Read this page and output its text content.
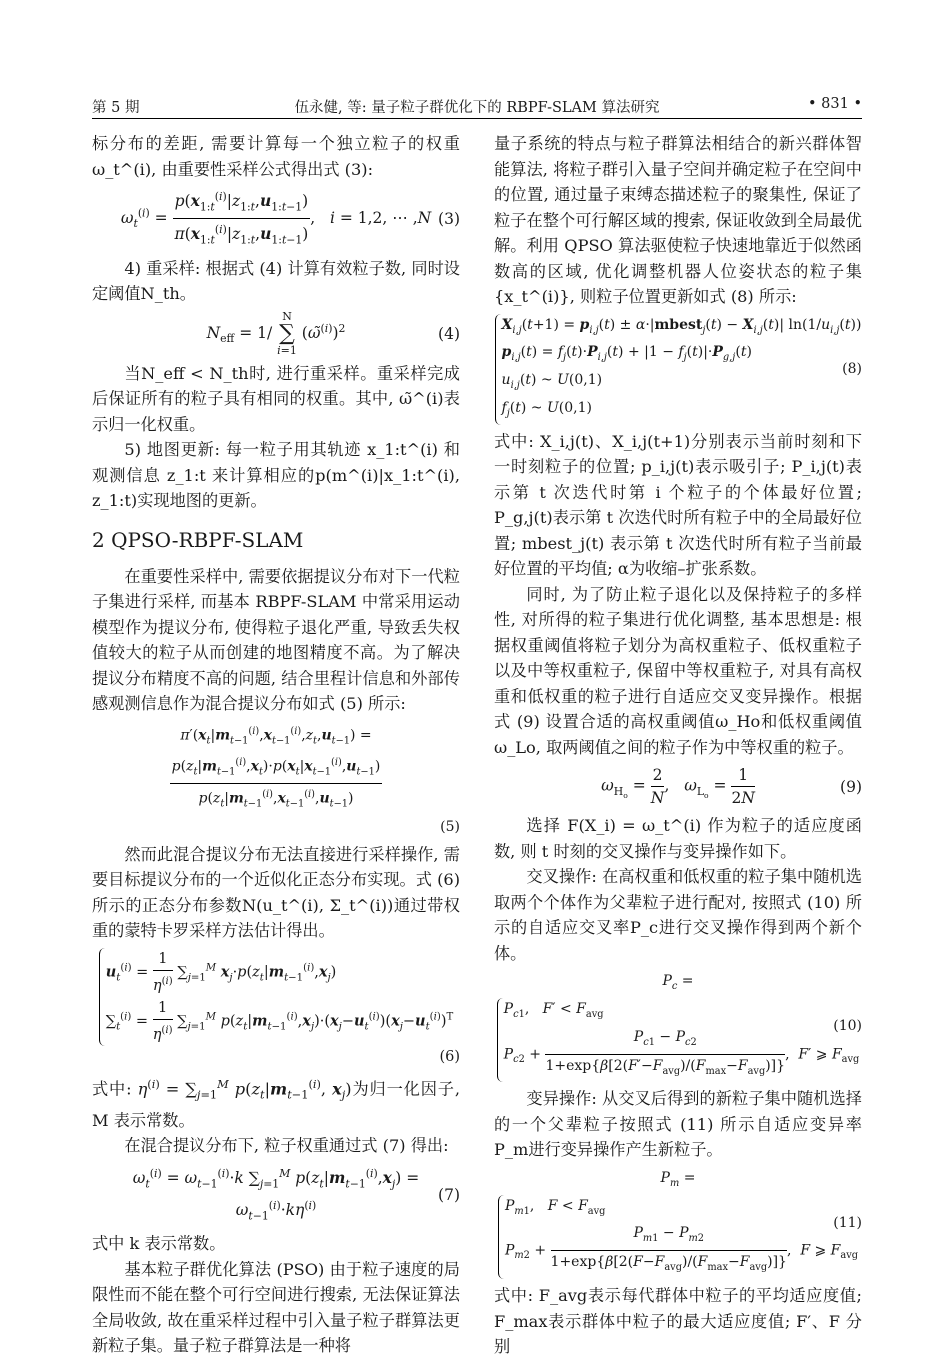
第 5 期	伍永健, 等: 量子粒子群优化下的 RBPF-SLAM 算法研究	• 831 •

标分布的差距, 需要计算每一个独立粒子的权重 ω_t^(i), 由重要性采样公式得出式 (3):

$\omega_t^{(i)} = \frac{p(x_{1:t}^{(i)}|z_{1:t},u_{1:t-1})}{\pi(x_{1:t}^{(i)}|z_{1:t},u_{1:t-1})}$ ,   i = 1,2, ⋯ ,N (3)

4) 重采样: 根据式 (4) 计算有效粒子数, 同时设定阈值N_th。

$N_{eff} = 1/$
N
∑
i=1
(ω̃$^{(i)}$)$^2$	(4)

当N_eff < N_th时, 进行重采样。重采样完成后保证所有的粒子具有相同的权重。其中, ω̃^(i)表示归一化权重。

5) 地图更新: 每一粒子用其轨迹 x_1:t^(i) 和观测信息 z_1:t 来计算相应的p(m^(i)|x_1:t^(i), z_1:t)实现地图的更新。

2 QPSO-RBPF-SLAM

在重要性采样中, 需要依据提议分布对下一代粒子集进行采样, 而基本 RBPF-SLAM 中常采用运动模型作为提议分布, 使得粒子退化严重, 导致丢失权值较大的粒子从而创建的地图精度不高。为了解决提议分布精度不高的问题, 结合里程计信息和外部传感观测信息作为混合提议分布如式 (5) 所示:

$\pi'(x_t|m_{t-1}^{(i)},x_{t-1}^{(i)},z_t,u_{t-1})$ =
$\frac{p(z_t|m_{t-1}^{(i)},x_t)\cdot p(x_t|x_{t-1}^{(i)},u_{t-1})}{p(z_t|m_{t-1}^{(i)},x_{t-1}^{(i)},u_{t-1})}$
(5)

然而此混合提议分布无法直接进行采样操作, 需要目标提议分布的一个近似化正态分布实现。式 (6) 所示的正态分布参数N(u_t^(i), Σ_t^(i))通过带权重的蒙特卡罗采样方法估计得出。

$u_t^{(i)} = \frac{1}{\eta^{(i)}} \sum_{j=1}^M$ $x_j\cdot p(z_t|m_{t-1}^{(i)},x_j)$
$\sum_t^{(i)} = \frac{1}{\eta^{(i)}} \sum_{j=1}^M$ $p(z_t|m_{t-1}^{(i)},x_j)\cdot(x_j-u_t^{(i)})(x_j-u_t^{(i)})^T$
(6)

式中: $\eta^{(i)} = \sum_{j=1}^M$ $p(z_t|m_{t-1}^{(i)}$, $x_j$)为归一化因子, M 表示常数。

在混合提议分布下, 粒子权重通过式 (7) 得出:

$\omega_t^{(i)} = \omega_{t-1}^{(i)}\cdot k$ $\sum_{j=1}^M$ $p(z_t|m_{t-1}^{(i)},x_j) = \omega_{t-1}^{(i)}\cdot k\eta^{(i)}$
(7)

式中 k 表示常数。

基本粒子群优化算法 (PSO) 由于粒子速度的局限性而不能在整个可行空间进行搜索, 无法保证算法全局收敛, 故在重采样过程中引入量子粒子群算法更新粒子集。量子粒子群算法是一种将

量子系统的特点与粒子群算法相结合的新兴群体智能算法, 将粒子群引入量子空间并确定粒子在空间中的位置, 通过量子束缚态描述粒子的聚集性, 保证了粒子在整个可行解区域的搜索, 保证收敛到全局最优解。利用 QPSO 算法驱使粒子快速地靠近于似然函数高的区域, 优化调整机器人位姿状态的粒子集{x_t^(i)}, 则粒子位置更新如式 (8) 所示:

$X_{i,j}(t+1) = p_{i,j}(t)$ ± α·|mbest$_j$(t) − $X_{i,j}(t)|$ $\ln(1/u_{i,j}(t))$
$p_{i,j}(t) = f_j(t)\cdot P_{i,j}(t) + |1 - f_j(t)|\cdot P_{g,j}(t)$
$u_{i,j}(t)$ ~ U(0,1)
$f_j(t)$ ~ U(0,1)
(8)

式中: X_i,j(t)、X_i,j(t+1)分别表示当前时刻和下一时刻粒子的位置; p_i,j(t)表示吸引子; P_i,j(t)表示第 t 次迭代时第 i 个粒子的个体最好位置; P_g,j(t)表示第 t 次迭代时所有粒子中的全局最好位置; mbest_j(t) 表示第 t 次迭代时所有粒子当前最好位置的平均值; α为收缩–扩张系数。

同时, 为了防止粒子退化以及保持粒子的多样性, 对所得的粒子集进行优化调整, 基本思想是: 根据权重阈值将粒子划分为高权重粒子、低权重粒子以及中等权重粒子, 保留中等权重粒子, 对具有高权重和低权重的粒子进行自适应交叉变异操作。根据式 (9) 设置合适的高权重阈值ω_Ho和低权重阈值ω_Lo, 取两阈值之间的粒子作为中等权重的粒子。

$\omega_{H_o} = \frac{2}{N}$ ,   $\omega_{L_o} = \frac{1}{2N}$	(9)

选择 F(X_i) = ω_t^(i) 作为粒子的适应度函数, 则 t 时刻的交叉操作与变异操作如下。

交叉操作: 在高权重和低权重的粒子集中随机选取两个个体作为父辈粒子进行配对, 按照式 (10) 所示的自适应交叉率P_c进行交叉操作得到两个新个体。

$P_c$ =
$P_{c1}$,   $F' < F_{avg}$
$P_{c2} + \frac{P_{c1} - P_{c2}}{1+\exp\{\beta[2(F'-F_{avg})/(F_{max}-F_{avg})]\}}$ ,  F′ ⩾ $F_{avg}$
(10)

变异操作: 从交叉后得到的新粒子集中随机选择的一个父辈粒子按照式 (11) 所示自适应变异率P_m进行变异操作产生新粒子。

$P_m$ =
$P_{m1}$,   $F < F_{avg}$
$P_{m2} + \frac{P_{m1} - P_{m2}}{1+\exp\{\beta[2(F-F_{avg})/(F_{max}-F_{avg})]\}}$ ,  F ⩾ $F_{avg}$
(11)

式中: F_avg表示每代群体中粒子的平均适应度值; F_max表示群体中粒子的最大适应度值; F′、F 分别
